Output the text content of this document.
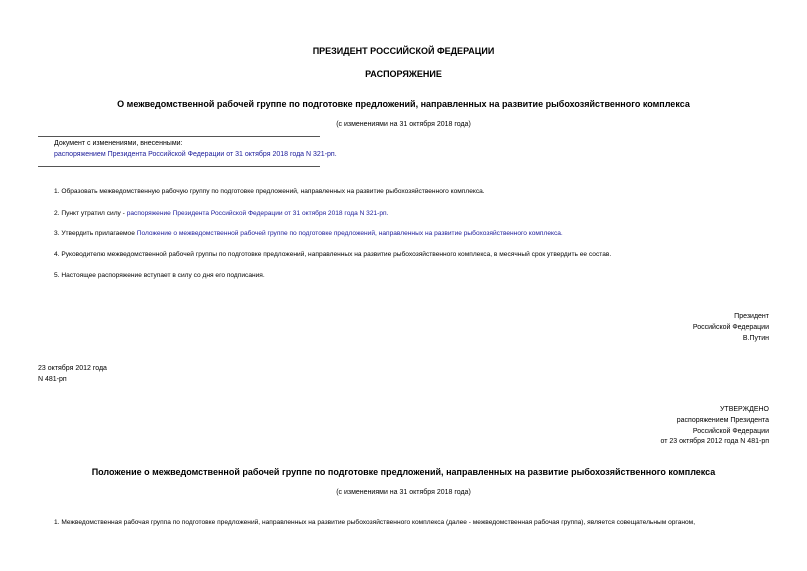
ПРЕЗИДЕНТ РОССИЙСКОЙ ФЕДЕРАЦИИ
РАСПОРЯЖЕНИЕ
О межведомственной рабочей группе по подготовке предложений, направленных на развитие рыбохозяйственного комплекса
(с изменениями на 31 октября 2018 года)
Документ с изменениями, внесенными:
распоряжением Президента Российской Федерации от 31 октября 2018 года N 321-рп.
1. Образовать межведомственную рабочую группу по подготовке предложений, направленных на развитие рыбохозяйственного комплекса.
2. Пункт утратил силу - распоряжение Президента Российской Федерации от 31 октября 2018 года N 321-рп.
3. Утвердить прилагаемое Положение о межведомственной рабочей группе по подготовке предложений, направленных на развитие рыбохозяйственного комплекса.
4. Руководителю межведомственной рабочей группы по подготовке предложений, направленных на развитие рыбохозяйственного комплекса, в месячный срок утвердить ее состав.
5. Настоящее распоряжение вступает в силу со дня его подписания.
Президент
Российской Федерации
В.Путин
23 октября 2012 года
N 481-рп
УТВЕРЖДЕНО
распоряжением Президента
Российской Федерации
от 23 октября 2012 года N 481-рп
Положение о межведомственной рабочей группе по подготовке предложений, направленных на развитие рыбохозяйственного комплекса
(с изменениями на 31 октября 2018 года)
1. Межведомственная рабочая группа по подготовке предложений, направленных на развитие рыбохозяйственного комплекса (далее - межведомственная рабочая группа), является совещательным органом,
